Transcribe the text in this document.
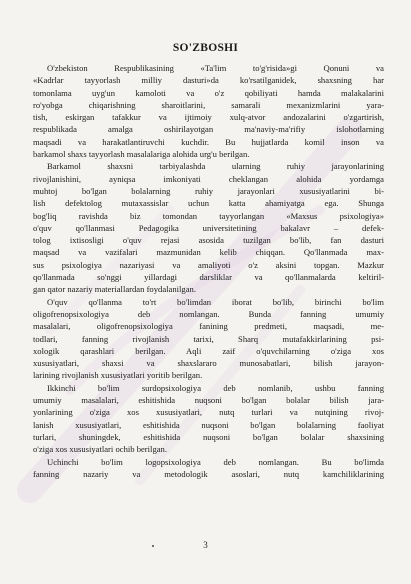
SO'ZBOSHI
O'zbekiston Respublikasining «Ta'lim to'g'risida»gi Qonuni va
«Kadrlar tayyorlash milliy dasturi»da ko'rsatilganidek, shaxsning har
tomonlama uyg'un kamoloti va o'z qobiliyati hamda malakalarini
ro'yobga chiqarishning sharoitlarini, samarali mexanizmlarini yara-
tish, eskirgan tafakkur va ijtimoiy xulq-atvor andozalarini o'zgartirish,
respublikada amalga oshirilayotgan ma'naviy-ma'rifiy islohotlarning
maqsadi va harakatlantiruvchi kuchdir. Bu hujjatlarda komil inson va
barkamol shaxs tayyorlash masalalariga alohida urg'u berilgan.
Barkamol shaxsni tarbiyalashda ularning ruhiy jarayonlarining
rivojlanishini, ayniqsa imkoniyati cheklangan alohida yordamga
muhtoj bo'lgan bolalarning ruhiy jarayonlari xususiyatlarini bi-
lish defektolog mutaxassislar uchun katta ahamiyatga ega. Shunga
bog'liq ravishda biz tomondan tayyorlangan «Maxsus psixologiya»
o'quv qo'llanmasi Pedagogika universitetining bakalavr – defek-
tolog ixtisosligi o'quv rejasi asosida tuzilgan bo'lib, fan dasturi
maqsad va vazifalari mazmunidan kelib chiqqan. Qo'llanmada max-
sus psixologiya nazariyasi va amaliyoti o'z aksini topgan. Mazkur
qo'llanmada so'nggi yillardagi darsliklar va qo'llanmalarda keltiril-
gan qator nazariy materiallardan foydalanilgan.
O'quv qo'llanma to'rt bo'limdan iborat bo'lib, birinchi bo'lim
oligofrenopsixologiya deb nomlangan. Bunda fanning umumiy
masalalari, oligofrenopsixologiya fanining predmeti, maqsadi, me-
todlari, fanning rivojlanish tarixi, Sharq mutafakkirlarining psi-
xologik qarashlari berilgan. Aqli zaif o'quvchilarning o'ziga xos
xususiyatlari, shaxsi va shaxslararo munosabatlari, bilish jarayon-
larining rivojlanish xususiyatlari yoritib berilgan.
Ikkinchi bo'lim surdopsixologiya deb nomlanib, ushbu fanning
umumiy masalalari, eshitishida nuqsoni bo'lgan bolalar bilish jara-
yonlarining o'ziga xos xususiyatlari, nutq turlari va nutqining rivoj-
lanish xususiyatlari, eshitishida nuqsoni bo'lgan bolalarning faoliyat
turlari, shuningdek, eshitishida nuqsoni bo'lgan bolalar shaxsining
o'ziga xos xususiyatlari ochib berilgan.
Uchinchi bo'lim logopsixologiya deb nomlangan. Bu bo'limda
fanning nazariy va metodologik asoslari, nutq kamchiliklarining
3
